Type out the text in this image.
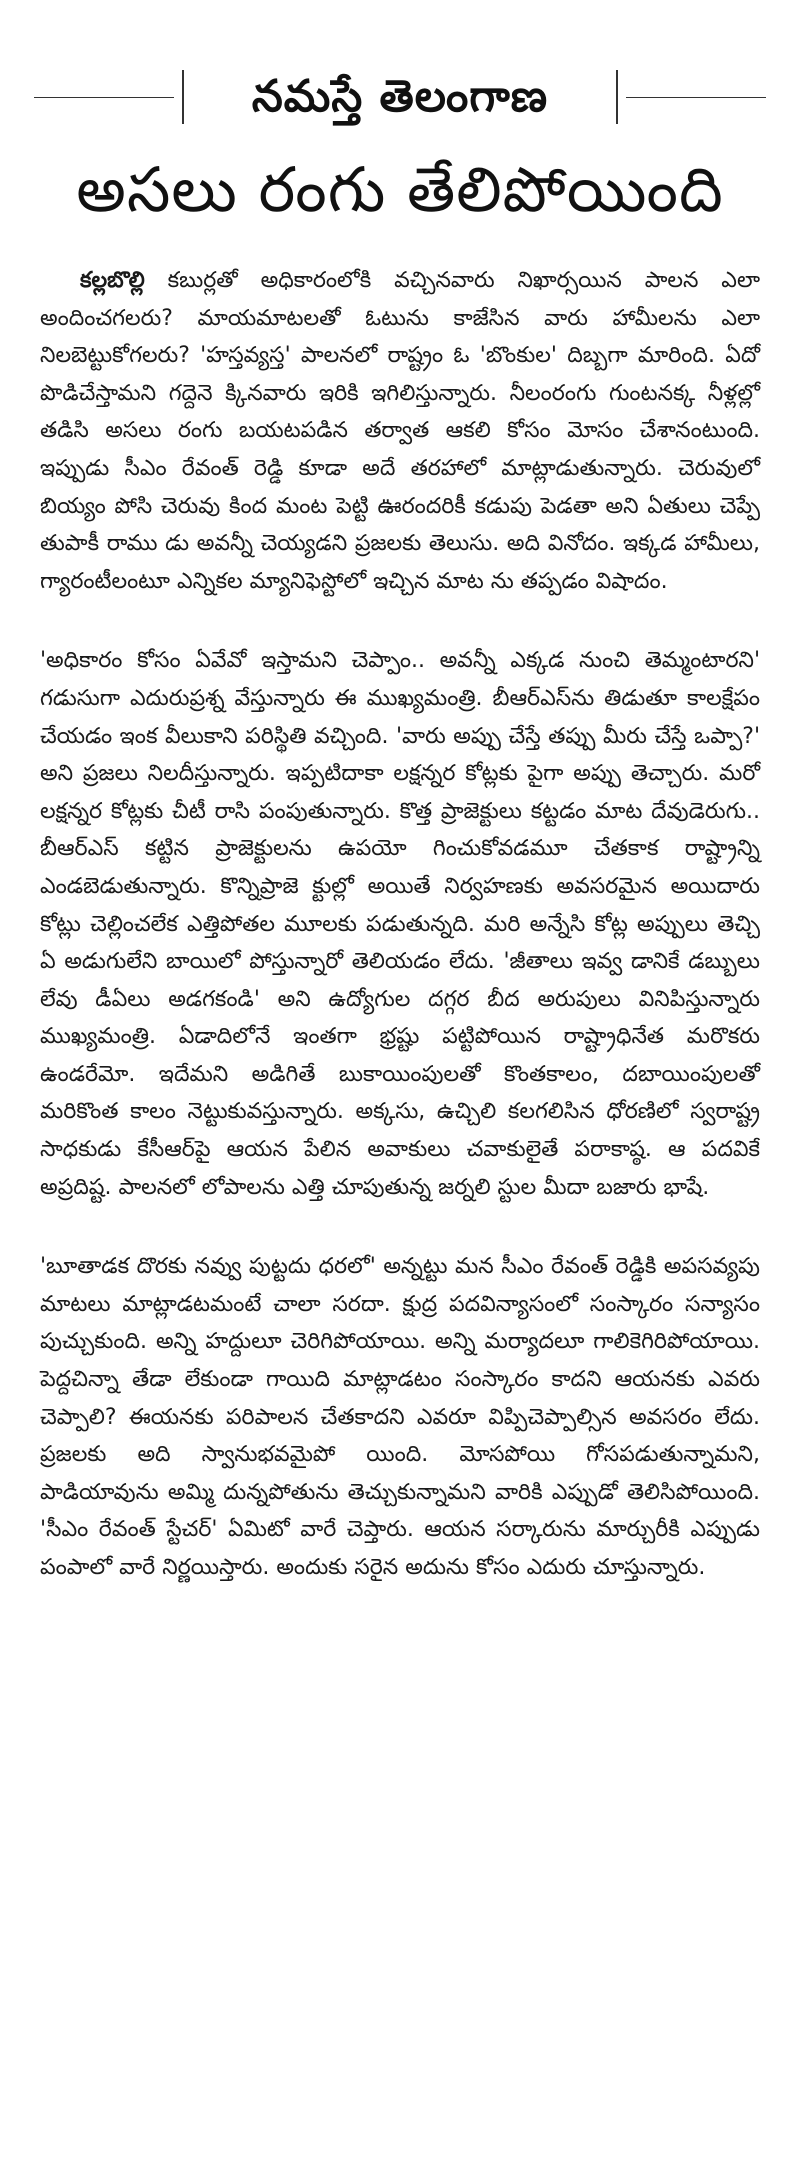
నమస్తే తెలంగాణ
అసలు రంగు తేలిపోయింది

కల్లబొల్లి కబుర్లతో అధికారంలోకి వచ్చినవారు నిఖార్సయిన పాలన ఎలా అందించగలరు? మాయమాటలతో ఓటును కాజేసిన వారు హామీలను ఎలా నిలబెట్టుకోగలరు? 'హస్తవ్యస్త' పాలనలో రాష్ట్రం ఓ 'బొంకుల' దిబ్బగా మారింది. ఏదో పొడిచేస్తామని గద్దెనె క్కినవారు ఇరికి ఇగిలిస్తున్నారు. నీలంరంగు గుంటనక్క నీళ్లల్లో తడిసి అసలు రంగు బయటపడిన తర్వాత ఆకలి కోసం మోసం చేశానంటుంది. ఇప్పుడు సీఎం రేవంత్ రెడ్డి కూడా అదే తరహాలో మాట్లాడుతున్నారు. చెరువులో బియ్యం పోసి చెరువు కింద మంట పెట్టి ఊరందరికీ కడుపు పెడతా అని ఏతులు చెప్పే తుపాకీ రాము డు అవన్నీ చెయ్యడని ప్రజలకు తెలుసు. అది వినోదం. ఇక్కడ హామీలు, గ్యారంటీలంటూ ఎన్నికల మ్యానిఫెస్టోలో ఇచ్చిన మాట ను తప్పడం విషాదం.

'అధికారం కోసం ఏవేవో ఇస్తామని చెప్పాం.. అవన్నీ ఎక్కడ నుంచి తెమ్మంటారని' గడుసుగా ఎదురుప్రశ్న వేస్తున్నారు ఈ ముఖ్యమంత్రి. బీఆర్ఎస్‌ను తిడుతూ కాలక్షేపం చేయడం ఇంక వీలుకాని పరిస్థితి వచ్చింది. 'వారు అప్పు చేస్తే తప్పు మీరు చేస్తే ఒప్పా?' అని ప్రజలు నిలదీస్తున్నారు. ఇప్పటిదాకా లక్షన్నర కోట్లకు పైగా అప్పు తెచ్చారు. మరో లక్షన్నర కోట్లకు చీటీ రాసి పంపుతున్నారు. కొత్త ప్రాజెక్టులు కట్టడం మాట దేవుడెరుగు.. బీఆర్ఎస్ కట్టిన ప్రాజెక్టులను ఉపయో గించుకోవడమూ చేతకాక రాష్ట్రాన్ని ఎండబెడుతున్నారు. కొన్నిప్రాజె క్టుల్లో అయితే నిర్వహణకు అవసరమైన అయిదారు కోట్లు చెల్లించలేక ఎత్తిపోతల మూలకు పడుతున్నది. మరి అన్నేసి కోట్ల అప్పులు తెచ్చి ఏ అడుగులేని బాయిలో పోస్తున్నారో తెలియడం లేదు. 'జీతాలు ఇవ్వ డానికే డబ్బులు లేవు డీఏలు అడగకండి' అని ఉద్యోగుల దగ్గర బీద అరుపులు వినిపిస్తున్నారు ముఖ్యమంత్రి. ఏడాదిలోనే ఇంతగా భ్రష్టు పట్టిపోయిన రాష్ట్రాధినేత మరొకరు ఉండరేమో. ఇదేమని అడిగితే బుకాయింపులతో కొంతకాలం, దబాయింపులతో మరికొంత కాలం నెట్టుకువస్తున్నారు. అక్కసు, ఉచ్చిలి కలగలిసిన ధోరణిలో స్వరాష్ట్ర సాధకుడు కేసీఆర్‌పై ఆయన పేలిన అవాకులు చవాకులైతే పరాకాష్ఠ. ఆ పదవికే అప్రదిష్ట. పాలనలో లోపాలను ఎత్తి చూపుతున్న జర్నలి స్టుల మీదా బజారు భాషే.

'బూతాడక దొరకు నవ్వు పుట్టదు ధరలో' అన్నట్టు మన సీఎం రేవంత్ రెడ్డికి అపసవ్యపు మాటలు మాట్లాడటమంటే చాలా సరదా. క్షుద్ర పదవిన్యాసంలో సంస్కారం సన్యాసం పుచ్చుకుంది. అన్ని హద్దులూ చెరిగిపోయాయి. అన్ని మర్యాదలూ గాలికెగిరిపోయాయి. పెద్దచిన్నా తేడా లేకుండా గాయిది మాట్లాడటం సంస్కారం కాదని ఆయనకు ఎవరు చెప్పాలి? ఈయనకు పరిపాలన చేతకాదని ఎవరూ విప్పిచెప్పాల్సిన అవసరం లేదు. ప్రజలకు అది స్వానుభవమైపో యింది. మోసపోయి గోసపడుతున్నామని, పాడియావును అమ్మి దున్నపోతును తెచ్చుకున్నామని వారికి ఎప్పుడో తెలిసిపోయింది. 'సీఎం రేవంత్ స్టేచర్' ఏమిటో వారే చెప్తారు. ఆయన సర్కారును మార్చురీకి ఎప్పుడు పంపాలో వారే నిర్ణయిస్తారు. అందుకు సరైన అదును కోసం ఎదురు చూస్తున్నారు.
